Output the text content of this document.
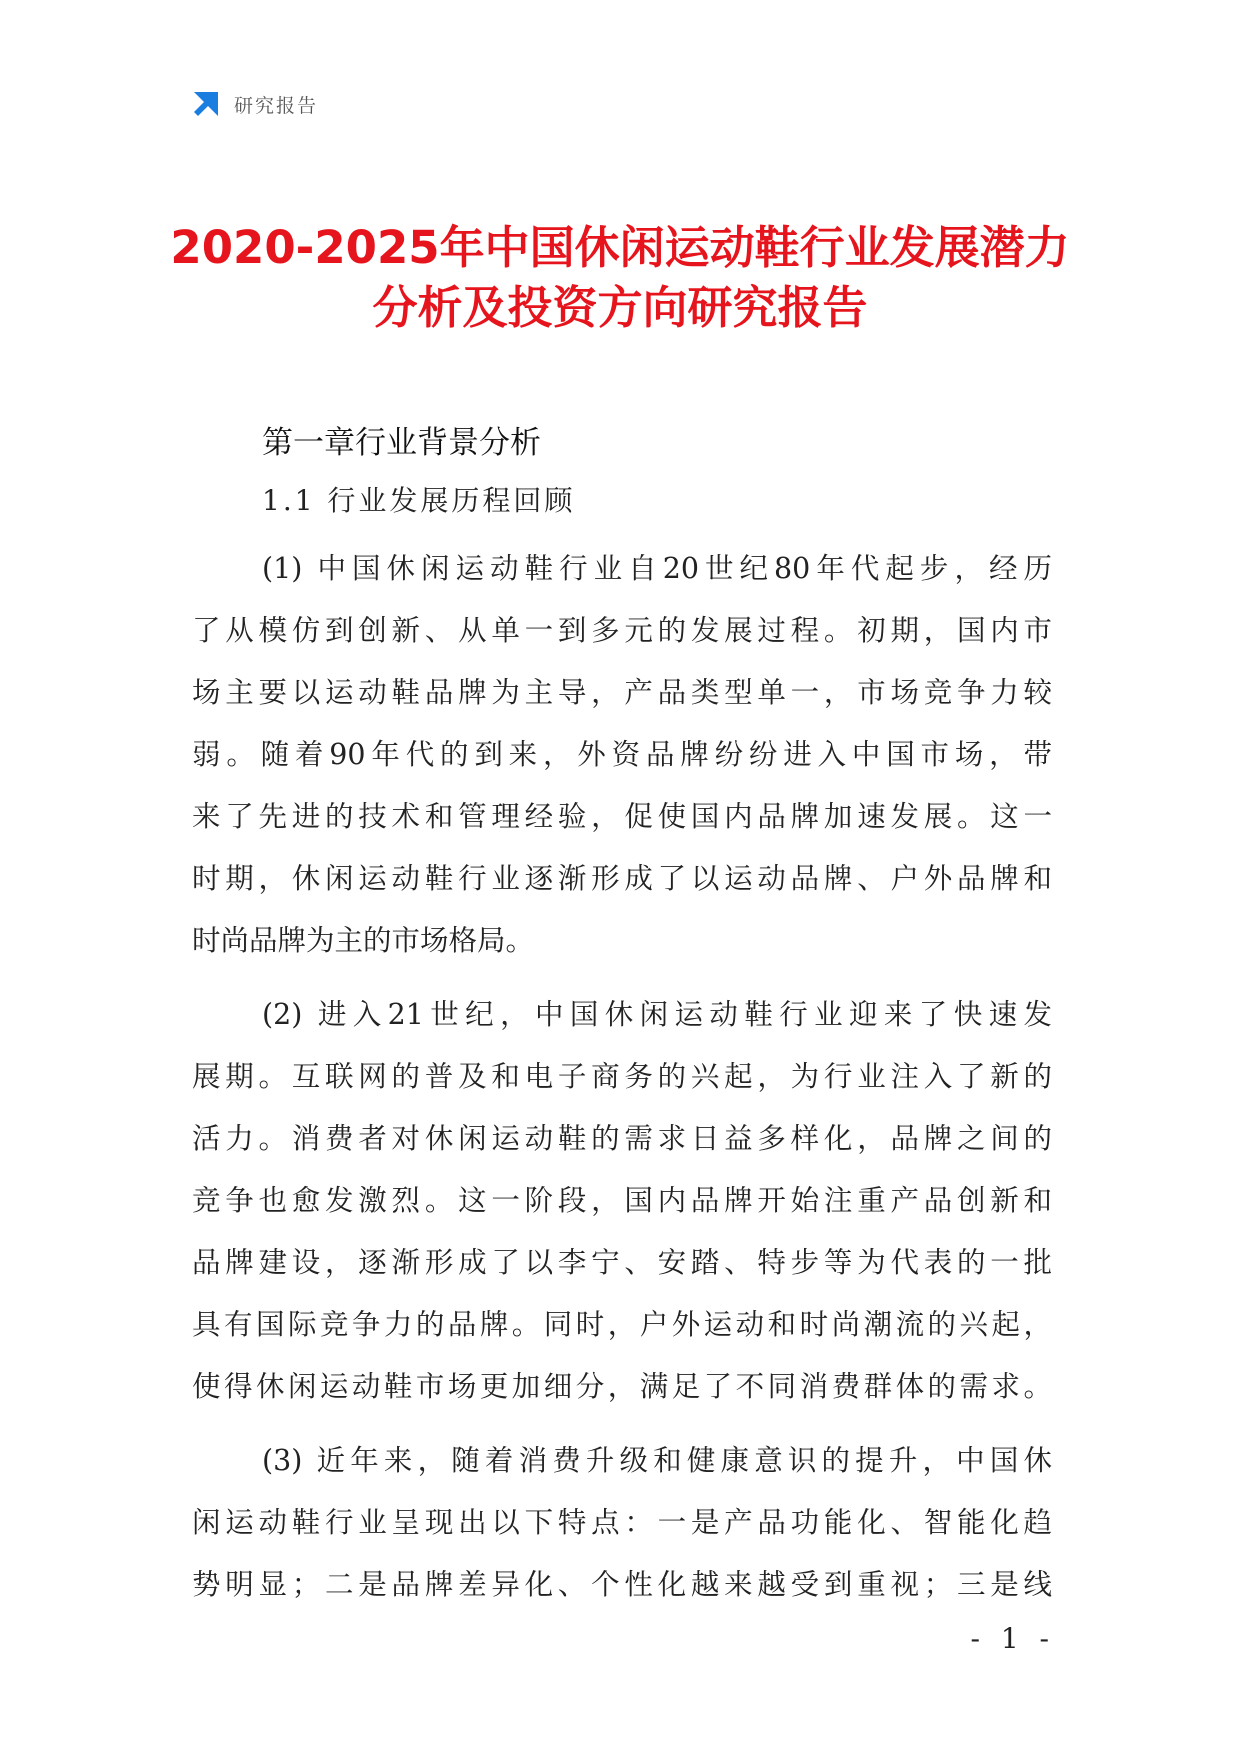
研究报告
2020-2025年中国休闲运动鞋行业发展潜力
分析及投资方向研究报告
第一章行业背景分析
1.1 行业发展历程回顾
(1) 中国休闲运动鞋行业自20世纪80年代起步，经历
了从模仿到创新、从单一到多元的发展过程。初期，国内市
场主要以运动鞋品牌为主导，产品类型单一，市场竞争力较
弱。随着90年代的到来，外资品牌纷纷进入中国市场，带
来了先进的技术和管理经验，促使国内品牌加速发展。这一
时期，休闲运动鞋行业逐渐形成了以运动品牌、户外品牌和
时尚品牌为主的市场格局。
(2) 进入21世纪，中国休闲运动鞋行业迎来了快速发
展期。互联网的普及和电子商务的兴起，为行业注入了新的
活力。消费者对休闲运动鞋的需求日益多样化，品牌之间的
竞争也愈发激烈。这一阶段，国内品牌开始注重产品创新和
品牌建设，逐渐形成了以李宁、安踏、特步等为代表的一批
具有国际竞争力的品牌。同时，户外运动和时尚潮流的兴起，
使得休闲运动鞋市场更加细分，满足了不同消费群体的需求。
(3) 近年来，随着消费升级和健康意识的提升，中国休
闲运动鞋行业呈现出以下特点：一是产品功能化、智能化趋
势明显；二是品牌差异化、个性化越来越受到重视；三是线
- 1 -
